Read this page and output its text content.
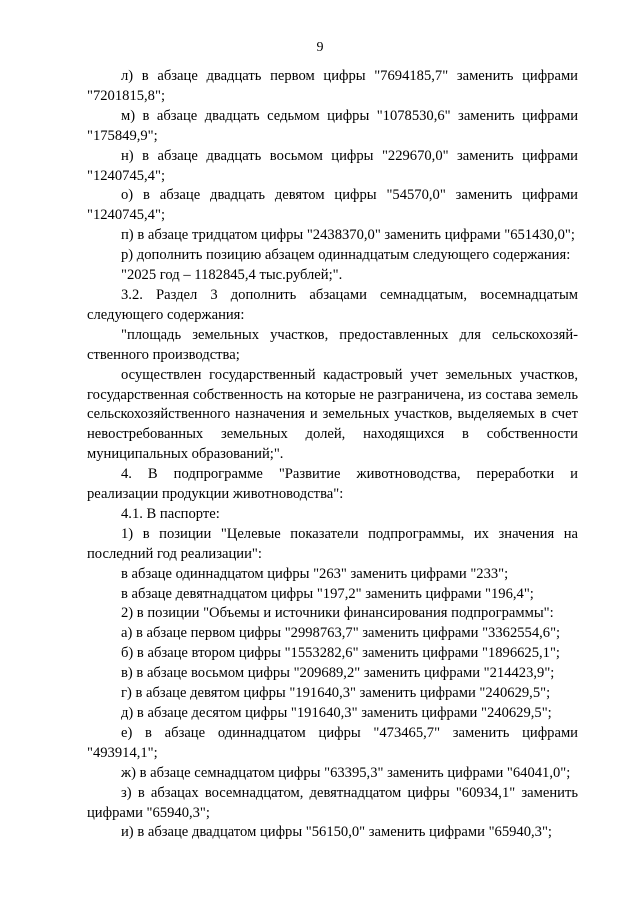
9

л) в абзаце двадцать первом цифры "7694185,7" заменить цифрами "7201815,8";

м) в абзаце двадцать седьмом цифры "1078530,6" заменить цифрами "175849,9";

н) в абзаце двадцать восьмом цифры "229670,0" заменить цифрами "1240745,4";

о) в абзаце двадцать девятом цифры "54570,0" заменить цифрами "1240745,4";

п) в абзаце тридцатом цифры "2438370,0" заменить цифрами "651430,0";

р) дополнить позицию абзацем одиннадцатым следующего содержания:

"2025 год – 1182845,4 тыс.рублей;".

3.2. Раздел 3 дополнить абзацами семнадцатым, восемнадцатым следующего содержания:

"площадь земельных участков, предоставленных для сельскохозяй-ственного производства;

осуществлен государственный кадастровый учет земельных участков, государственная собственность на которые не разграничена, из состава земель сельскохозяйственного назначения и земельных участков, выделяемых в счет невостребованных земельных долей, находящихся в собственности муниципальных образований;".

4. В подпрограмме "Развитие животноводства, переработки и реализации продукции животноводства":

4.1. В паспорте:

1) в позиции "Целевые показатели подпрограммы, их значения на последний год реализации":

в абзаце одиннадцатом цифры "263" заменить цифрами "233";

в абзаце девятнадцатом цифры "197,2" заменить цифрами "196,4";

2) в позиции "Объемы и источники финансирования подпрограммы":

а) в абзаце первом цифры "2998763,7" заменить цифрами "3362554,6";

б) в абзаце втором цифры "1553282,6" заменить цифрами "1896625,1";

в) в абзаце восьмом цифры "209689,2" заменить цифрами "214423,9";

г) в абзаце девятом цифры "191640,3" заменить цифрами "240629,5";

д) в абзаце десятом цифры "191640,3" заменить цифрами "240629,5";

е) в абзаце одиннадцатом цифры "473465,7" заменить цифрами "493914,1";

ж) в абзаце семнадцатом цифры "63395,3" заменить цифрами "64041,0";

з) в абзацах восемнадцатом, девятнадцатом цифры "60934,1" заменить цифрами "65940,3";

и) в абзаце двадцатом цифры "56150,0" заменить цифрами "65940,3";
